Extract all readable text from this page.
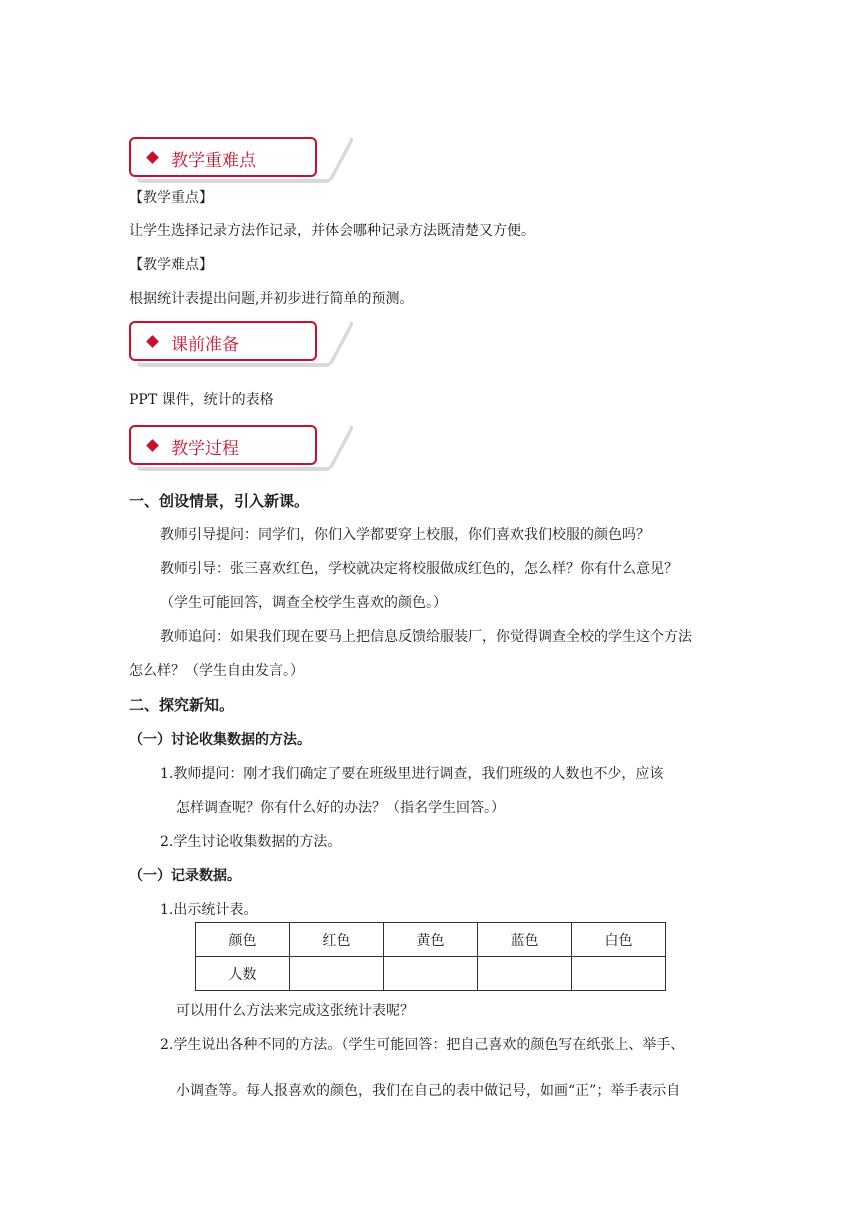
教学重难点
【教学重点】
让学生选择记录方法作记录，并体会哪种记录方法既清楚又方便。
【教学难点】
根据统计表提出问题,并初步进行简单的预测。
课前准备
PPT 课件，统计的表格
教学过程
一、创设情景，引入新课。
教师引导提问：同学们，你们入学都要穿上校服，你们喜欢我们校服的颜色吗？
教师引导：张三喜欢红色，学校就决定将校服做成红色的，怎么样？你有什么意见？
（学生可能回答，调查全校学生喜欢的颜色。）
教师追问：如果我们现在要马上把信息反馈给服装厂，你觉得调查全校的学生这个方法
怎么样？（学生自由发言。）
二、探究新知。
（一）讨论收集数据的方法。
1.教师提问：刚才我们确定了要在班级里进行调查，我们班级的人数也不少，应该
怎样调查呢？你有什么好的办法？（指名学生回答。）
2.学生讨论收集数据的方法。
（一）记录数据。
1.出示统计表。
颜色	红色	黄色	蓝色	白色
人数				
可以用什么方法来完成这张统计表呢？
2.学生说出各种不同的方法。（学生可能回答：把自己喜欢的颜色写在纸张上、举手、
小调查等。每人报喜欢的颜色，我们在自己的表中做记号，如画“正”；举手表示自
